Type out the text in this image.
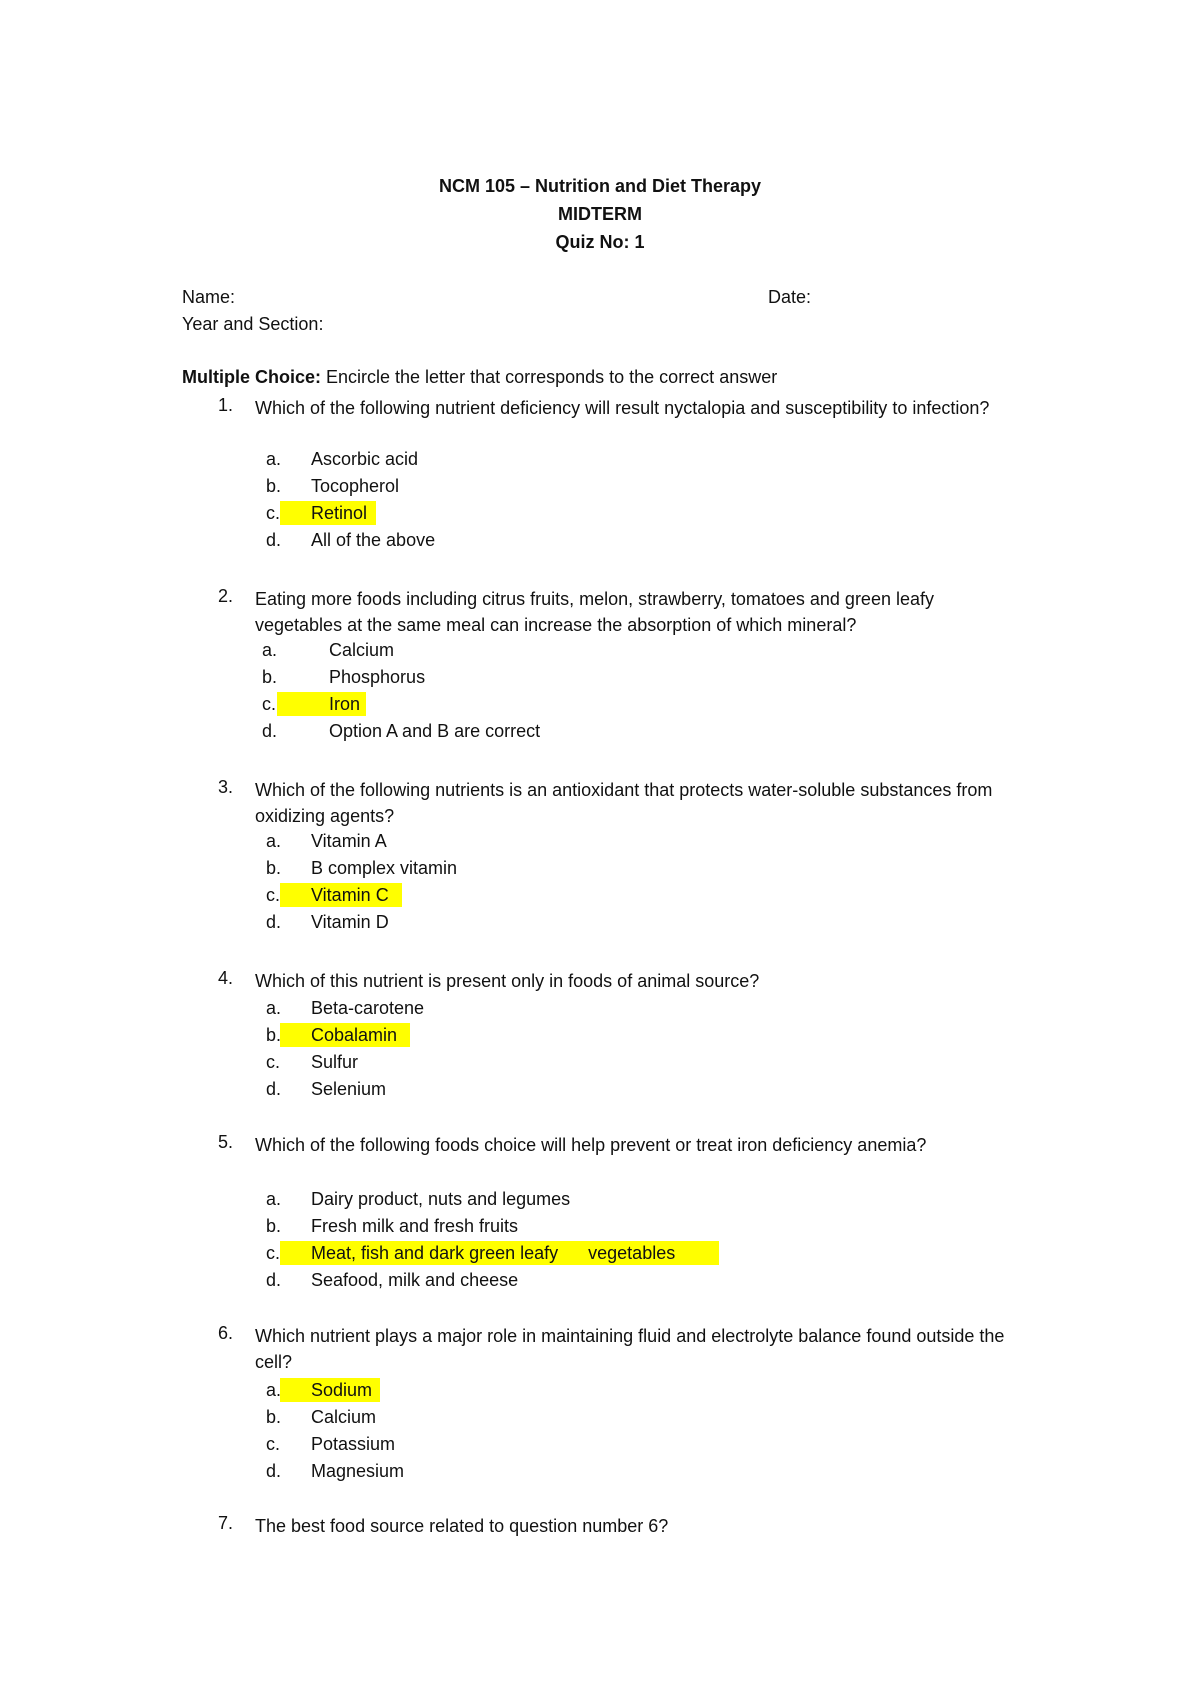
NCM 105 – Nutrition and Diet Therapy
MIDTERM
Quiz No: 1
Name:	Date:
Year and Section:
Multiple Choice: Encircle the letter that corresponds to the correct answer
1. Which of the following nutrient deficiency will result nyctalopia and susceptibility to infection?
a. Ascorbic acid
b. Tocopherol
c. Retinol
d. All of the above
2. Eating more foods including citrus fruits, melon, strawberry, tomatoes and green leafy vegetables at the same meal can increase the absorption of which mineral?
a.	Calcium
b.	Phosphorus
c.	Iron
d.	Option A and B are correct
3. Which of the following nutrients is an antioxidant that protects water-soluble substances from oxidizing agents?
a. Vitamin A
b. B complex vitamin
c. Vitamin C
d. Vitamin D
4. Which of this nutrient is present only in foods of animal source?
a. Beta-carotene
b. Cobalamin
c. Sulfur
d. Selenium
5. Which of the following foods choice will help prevent or treat iron deficiency anemia?
a. Dairy product, nuts and legumes
b. Fresh milk and fresh fruits
c. Meat, fish and dark green leafy      vegetables
d. Seafood, milk and cheese
6. Which nutrient plays a major role in maintaining fluid and electrolyte balance found outside the cell?
a. Sodium
b. Calcium
c. Potassium
d. Magnesium
7. The best food source related to question number 6?
